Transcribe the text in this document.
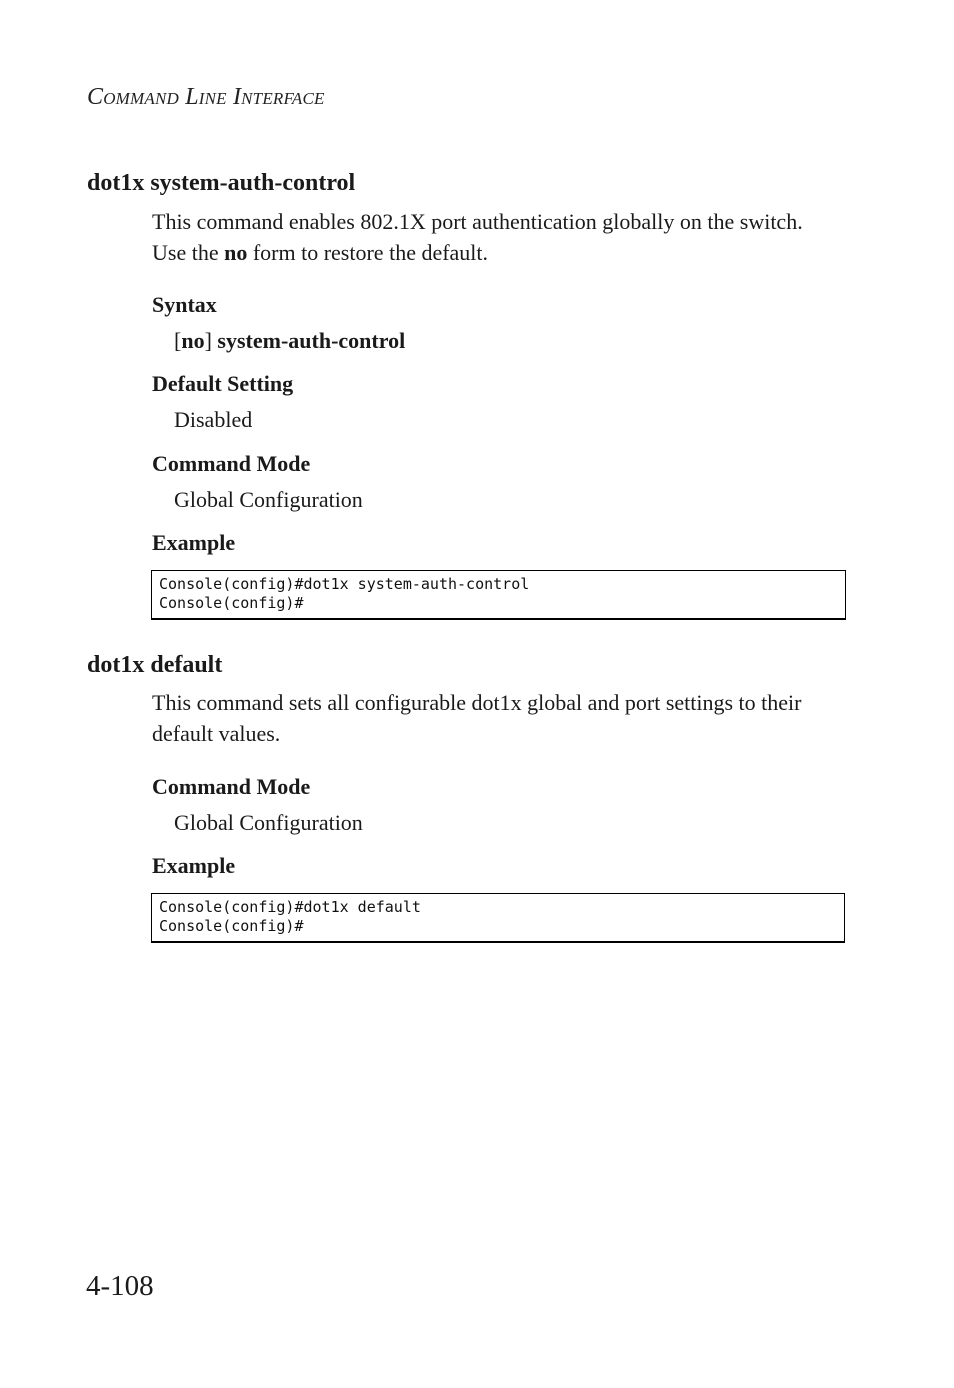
Command Line Interface
dot1x system-auth-control
This command enables 802.1X port authentication globally on the switch.
Use the no form to restore the default.
Syntax
[no] system-auth-control
Default Setting
Disabled
Command Mode
Global Configuration
Example
Console(config)#dot1x system-auth-control
Console(config)#
dot1x default
This command sets all configurable dot1x global and port settings to their
default values.
Command Mode
Global Configuration
Example
Console(config)#dot1x default
Console(config)#
4-108
